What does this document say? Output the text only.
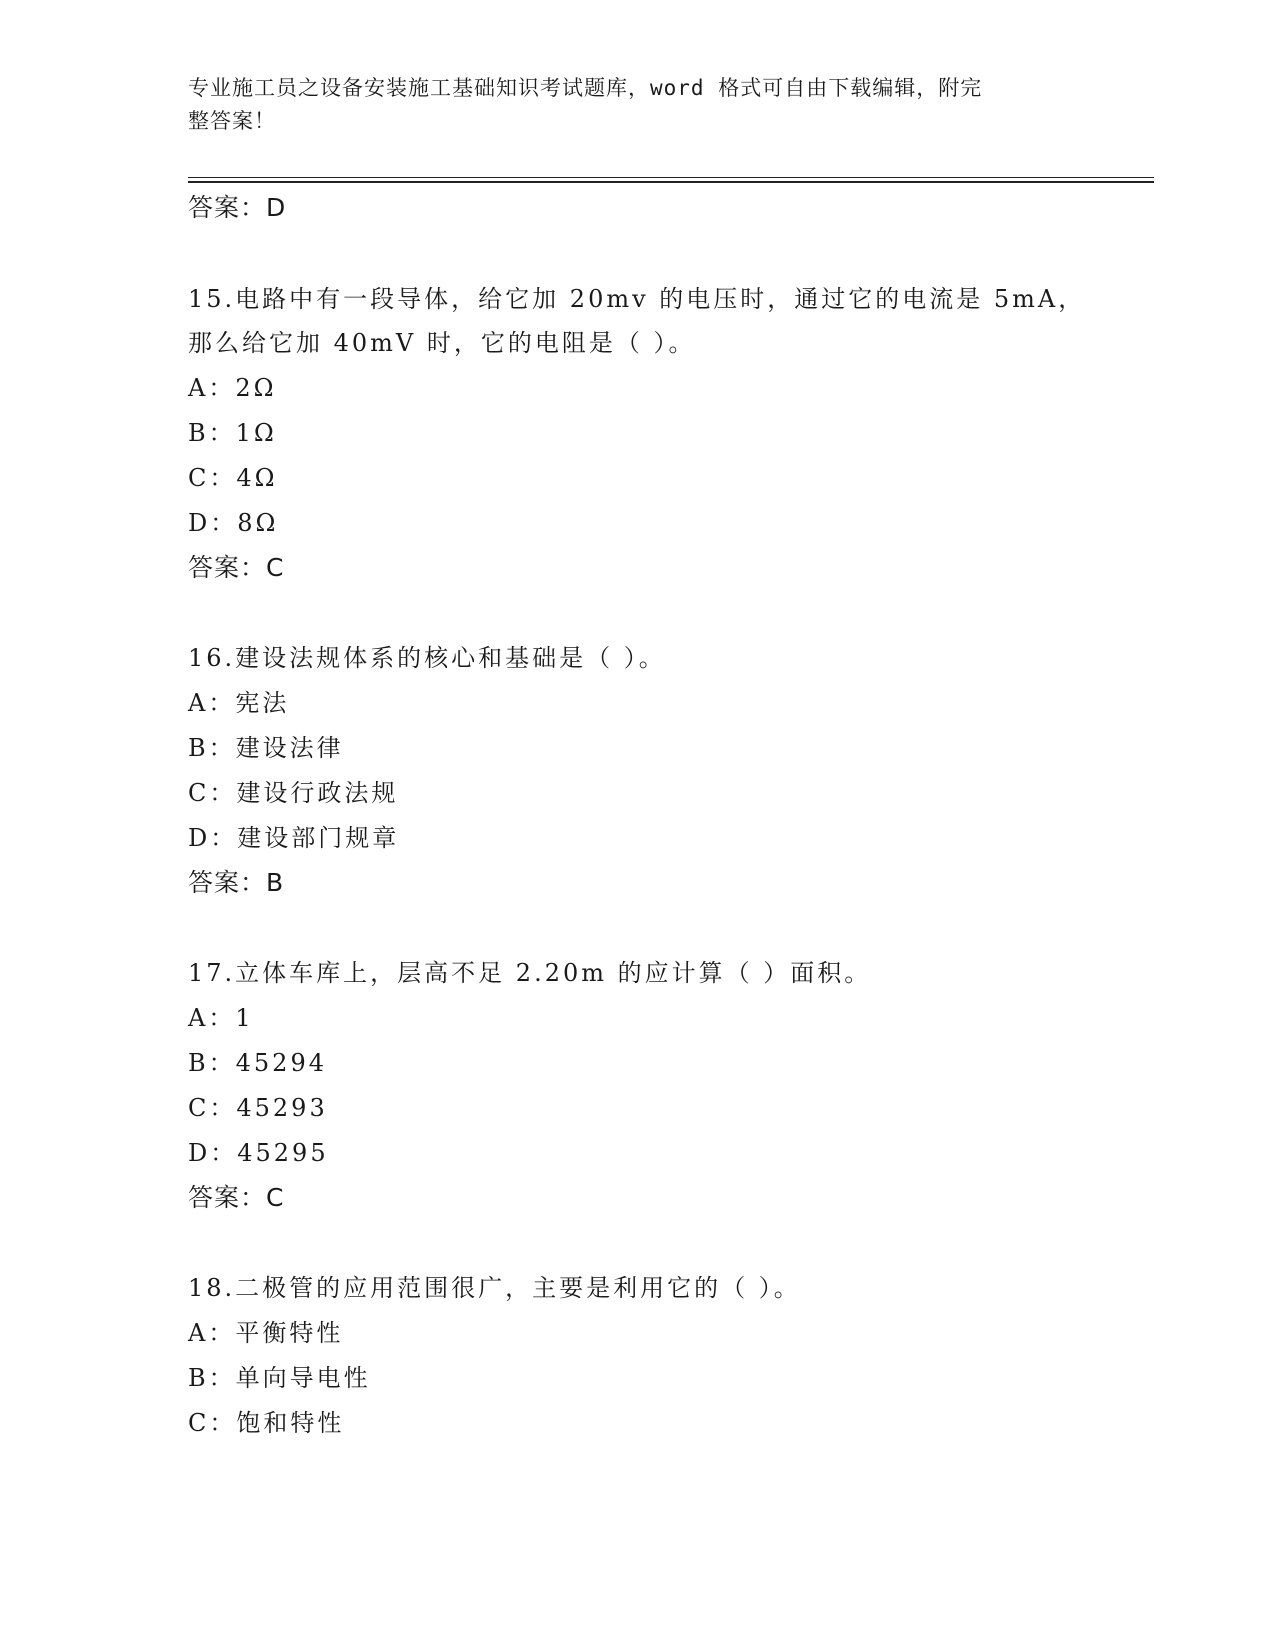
专业施工员之设备安装施工基础知识考试题库，word 格式可自由下载编辑，附完
整答案！
答案：D
15.电路中有一段导体，给它加 20mv 的电压时，通过它的电流是 5mA，
那么给它加 40mV 时，它的电阻是（ ）。
A：2Ω
B：1Ω
C：4Ω
D：8Ω
答案：C
16.建设法规体系的核心和基础是（ ）。
A：宪法
B：建设法律
C：建设行政法规
D：建设部门规章
答案：B
17.立体车库上，层高不足 2.20m 的应计算（ ）面积。
A：1
B：45294
C：45293
D：45295
答案：C
18.二极管的应用范围很广，主要是利用它的（ ）。
A：平衡特性
B：单向导电性
C：饱和特性
